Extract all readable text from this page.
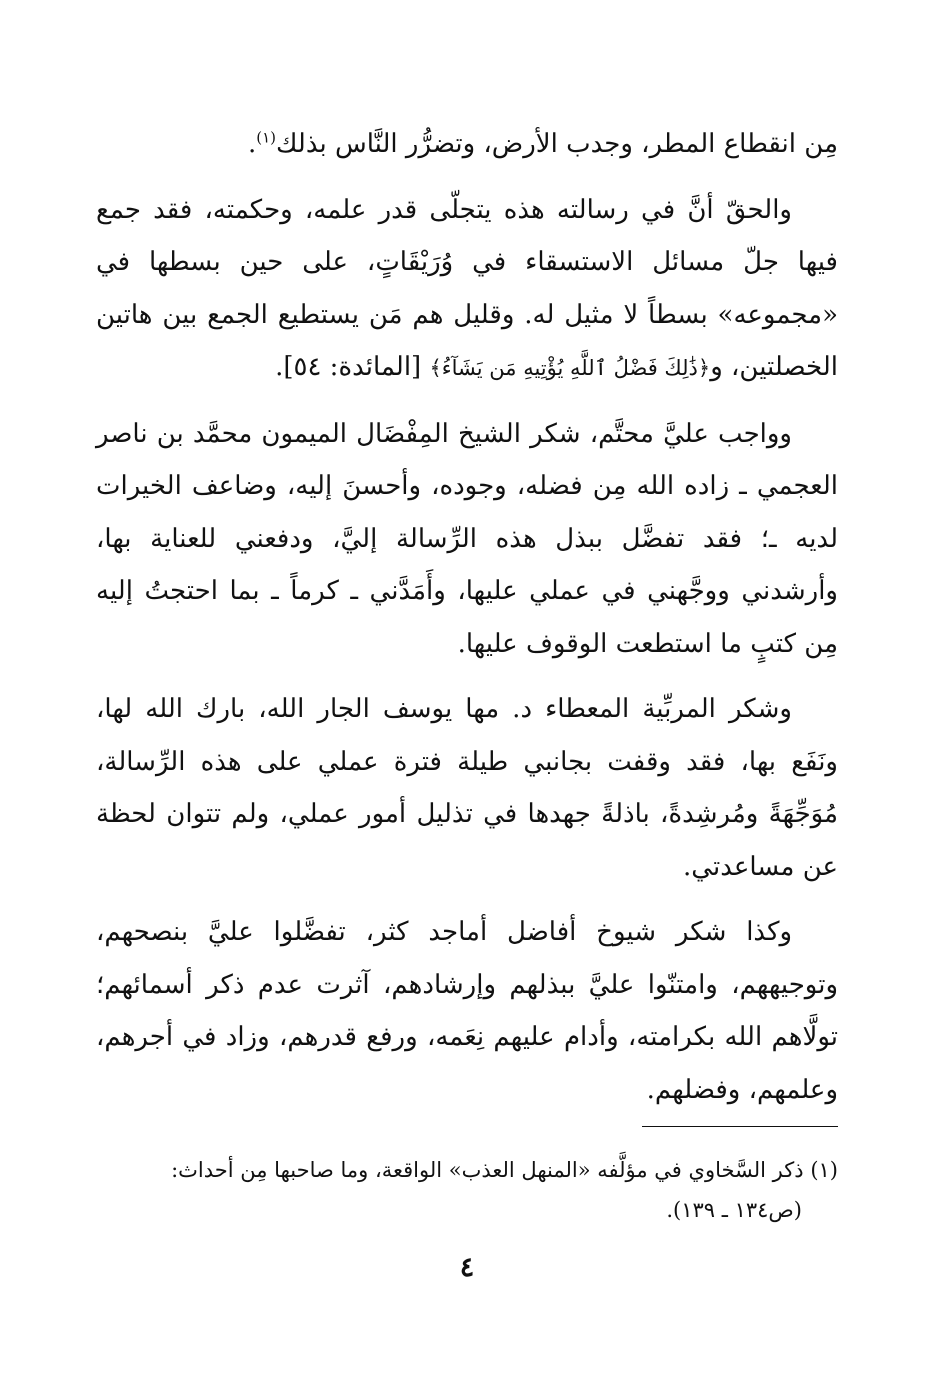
مِن انقطاع المطر، وجدب الأرض، وتضرُّر النَّاس بذلك$^{(١)}$.

والحقّ أنَّ في رسالته هذه يتجلّى قدر علمه، وحكمته، فقد جمع فيها جلّ مسائل الاستسقاء في وُرَيْقَاتٍ، على حين بسطها في «مجموعه» بسطاً لا مثيل له. وقليل هم مَن يستطيع الجمع بين هاتين الخصلتين، و﴿ذَٰلِكَ فَضْلُ ٱللَّهِ يُؤْتِيهِ مَن يَشَآءُ﴾ [المائدة: ٥٤].

وواجب عليَّ محتَّم، شكر الشيخ المِفْضَال الميمون محمَّد بن ناصر العجمي ـ زاده الله مِن فضله، وجوده، وأحسنَ إليه، وضاعف الخيرات لديه ـ؛ فقد تفضَّل ببذل هذه الرِّسالة إليَّ، ودفعني للعناية بها، وأرشدني ووجَّهني في عملي عليها، وأَمَدَّني ـ كرماً ـ بما احتجتُ إليه مِن كتبٍ ما استطعت الوقوف عليها.

وشكر المربِّية المعطاء د. مها يوسف الجار الله، بارك الله لها، ونَفَع بها، فقد وقفت بجانبي طيلة فترة عملي على هذه الرِّسالة، مُوَجِّهَةً ومُرشِدةً، باذلةً جهدها في تذليل أمور عملي، ولم تتوان لحظة عن مساعدتي.

وكذا شكر شيوخ أفاضل أماجد كثر، تفضَّلوا عليَّ بنصحهم، وتوجيههم، وامتنّوا عليَّ ببذلهم وإرشادهم، آثرت عدم ذكر أسمائهم؛ تولَّاهم الله بكرامته، وأدام عليهم نِعَمه، ورفع قدرهم، وزاد في أجرهم، وعلمهم، وفضلهم.

(١) ذكر السَّخاوي في مؤلَّفه «المنهل العذب» الواقعة، وما صاحبها مِن أحداث:
(ص١٣٤ ـ ١٣٩).
٤
